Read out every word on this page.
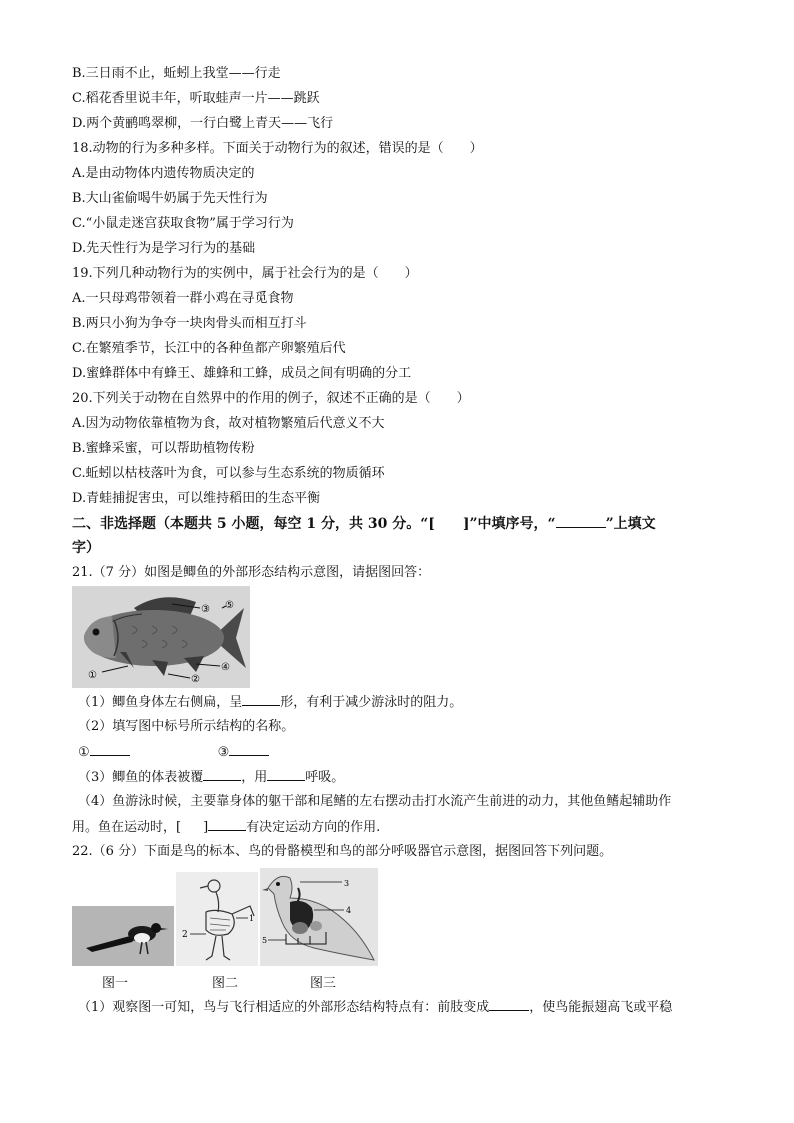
B.三日雨不止，蚯蚓上我堂——行走
C.稻花香里说丰年，听取蛙声一片——跳跃
D.两个黄鹂鸣翠柳，一行白鹭上青天——飞行
18.动物的行为多种多样。下面关于动物行为的叙述，错误的是（　　）
A.是由动物体内遗传物质决定的
B.大山雀偷喝牛奶属于先天性行为
C.“小鼠走迷宫获取食物”属于学习行为
D.先天性行为是学习行为的基础
19.下列几种动物行为的实例中，属于社会行为的是（　　）
A.一只母鸡带领着一群小鸡在寻觅食物
B.两只小狗为争夺一块肉骨头而相互打斗
C.在繁殖季节，长江中的各种鱼都产卵繁殖后代
D.蜜蜂群体中有蜂王、雄蜂和工蜂，成员之间有明确的分工
20.下列关于动物在自然界中的作用的例子，叙述不正确的是（　　）
A.因为动物依靠植物为食，故对植物繁殖后代意义不大
B.蜜蜂采蜜，可以帮助植物传粉
C.蚯蚓以枯枝落叶为食，可以参与生态系统的物质循环
D.青蛙捕捉害虫，可以维持稻田的生态平衡
二、非选择题（本题共 5 小题，每空 1 分，共 30 分。“[　　]”中填序号，“	”上填文
字）
21.（7 分）如图是鲫鱼的外部形态结构示意图，请据图回答：
③ ⑤
④
②
①
（1）鲫鱼身体左右侧扁，呈	形，有利于减少游泳时的阻力。
（2）填写图中标号所示结构的名称。
①	③
（3）鲫鱼的体表被覆	，用	呼吸。
（4）鱼游泳时候，主要靠身体的躯干部和尾鳍的左右摆动击打水流产生前进的动力，其他鱼鳍起辅助作
用。鱼在运动时，[ ]	有决定运动方向的作用.
22.（6 分）下面是鸟的标本、鸟的骨骼模型和鸟的部分呼吸器官示意图，据图回答下列问题。
1
2
3
4
5
图一	图二	图三
（1）观察图一可知，鸟与飞行相适应的外部形态结构特点有：前肢变成	，使鸟能振翅高飞或平稳
